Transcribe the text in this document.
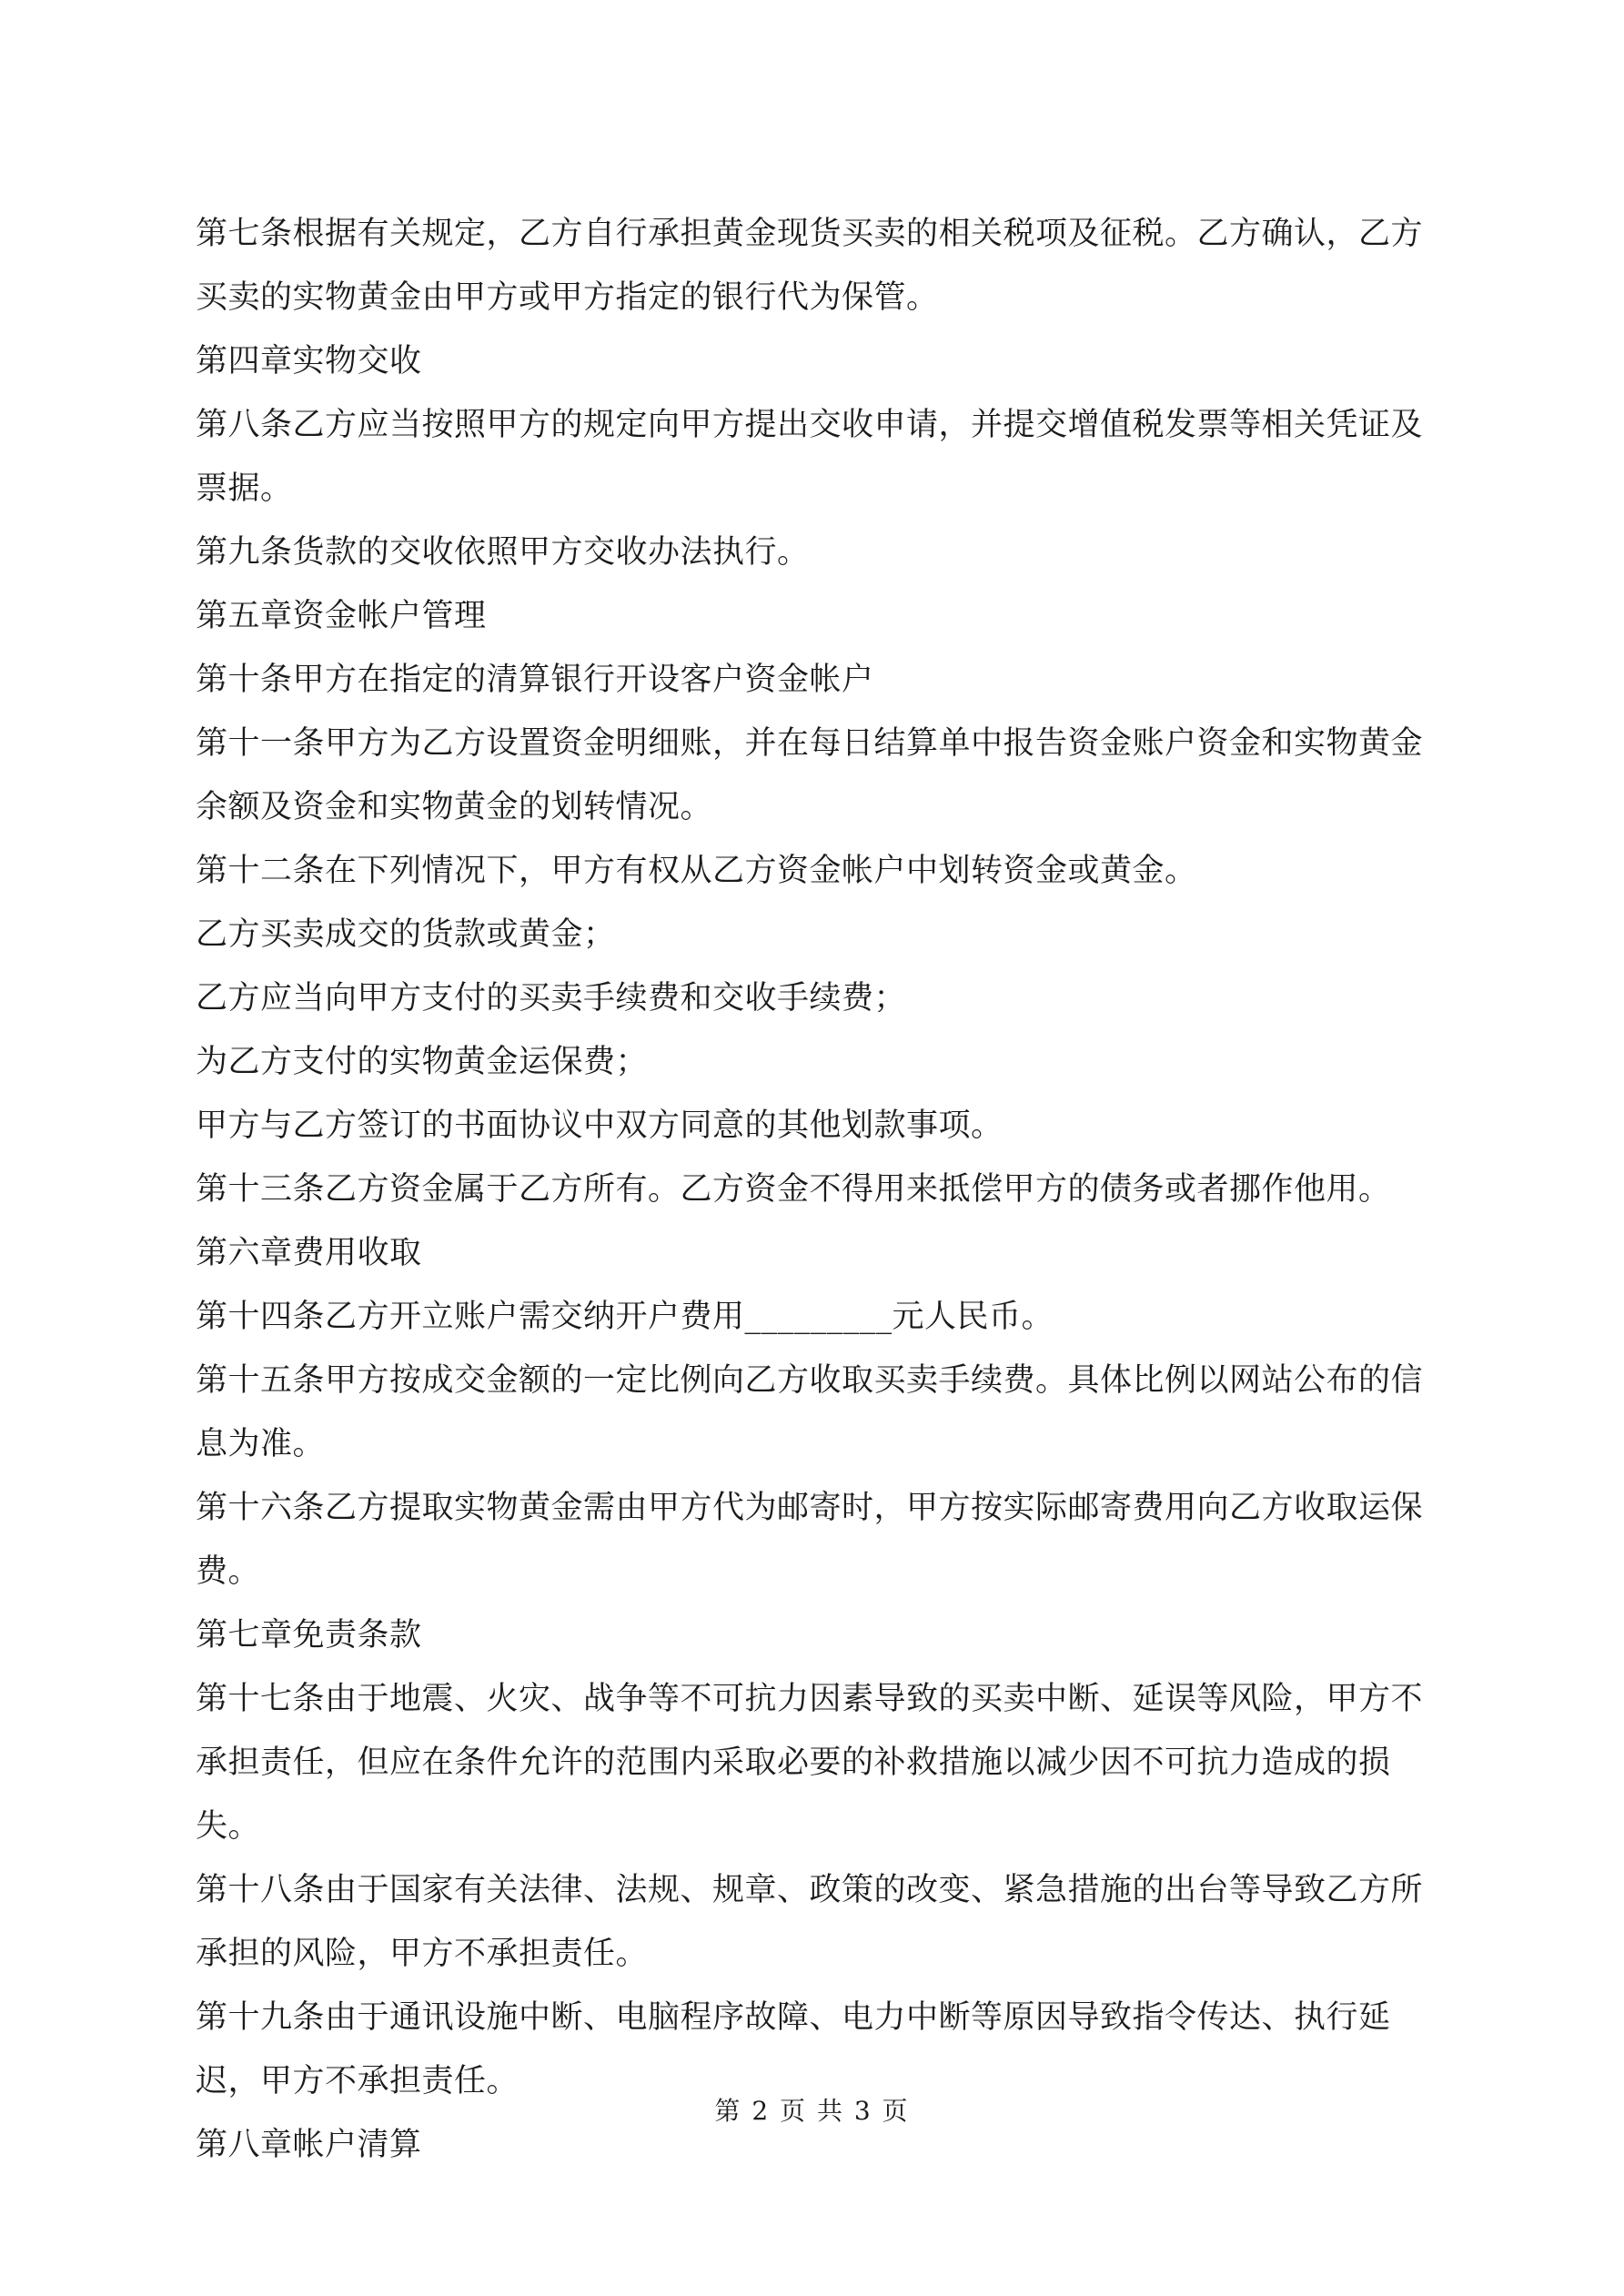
第七条根据有关规定，乙方自行承担黄金现货买卖的相关税项及征税。乙方确认，乙方买卖的实物黄金由甲方或甲方指定的银行代为保管。

第四章实物交收

第八条乙方应当按照甲方的规定向甲方提出交收申请，并提交增值税发票等相关凭证及票据。

第九条货款的交收依照甲方交收办法执行。

第五章资金帐户管理

第十条甲方在指定的清算银行开设客户资金帐户

第十一条甲方为乙方设置资金明细账，并在每日结算单中报告资金账户资金和实物黄金余额及资金和实物黄金的划转情况。

第十二条在下列情况下，甲方有权从乙方资金帐户中划转资金或黄金。

乙方买卖成交的货款或黄金；

乙方应当向甲方支付的买卖手续费和交收手续费；

为乙方支付的实物黄金运保费；

甲方与乙方签订的书面协议中双方同意的其他划款事项。

第十三条乙方资金属于乙方所有。乙方资金不得用来抵偿甲方的债务或者挪作他用。

第六章费用收取

第十四条乙方开立账户需交纳开户费用_________元人民币。

第十五条甲方按成交金额的一定比例向乙方收取买卖手续费。具体比例以网站公布的信息为准。

第十六条乙方提取实物黄金需由甲方代为邮寄时，甲方按实际邮寄费用向乙方收取运保费。

第七章免责条款

第十七条由于地震、火灾、战争等不可抗力因素导致的买卖中断、延误等风险，甲方不承担责任，但应在条件允许的范围内采取必要的补救措施以减少因不可抗力造成的损失。

第十八条由于国家有关法律、法规、规章、政策的改变、紧急措施的出台等导致乙方所承担的风险，甲方不承担责任。

第十九条由于通讯设施中断、电脑程序故障、电力中断等原因导致指令传达、执行延迟，甲方不承担责任。

第八章帐户清算

第 2 页 共 3 页
